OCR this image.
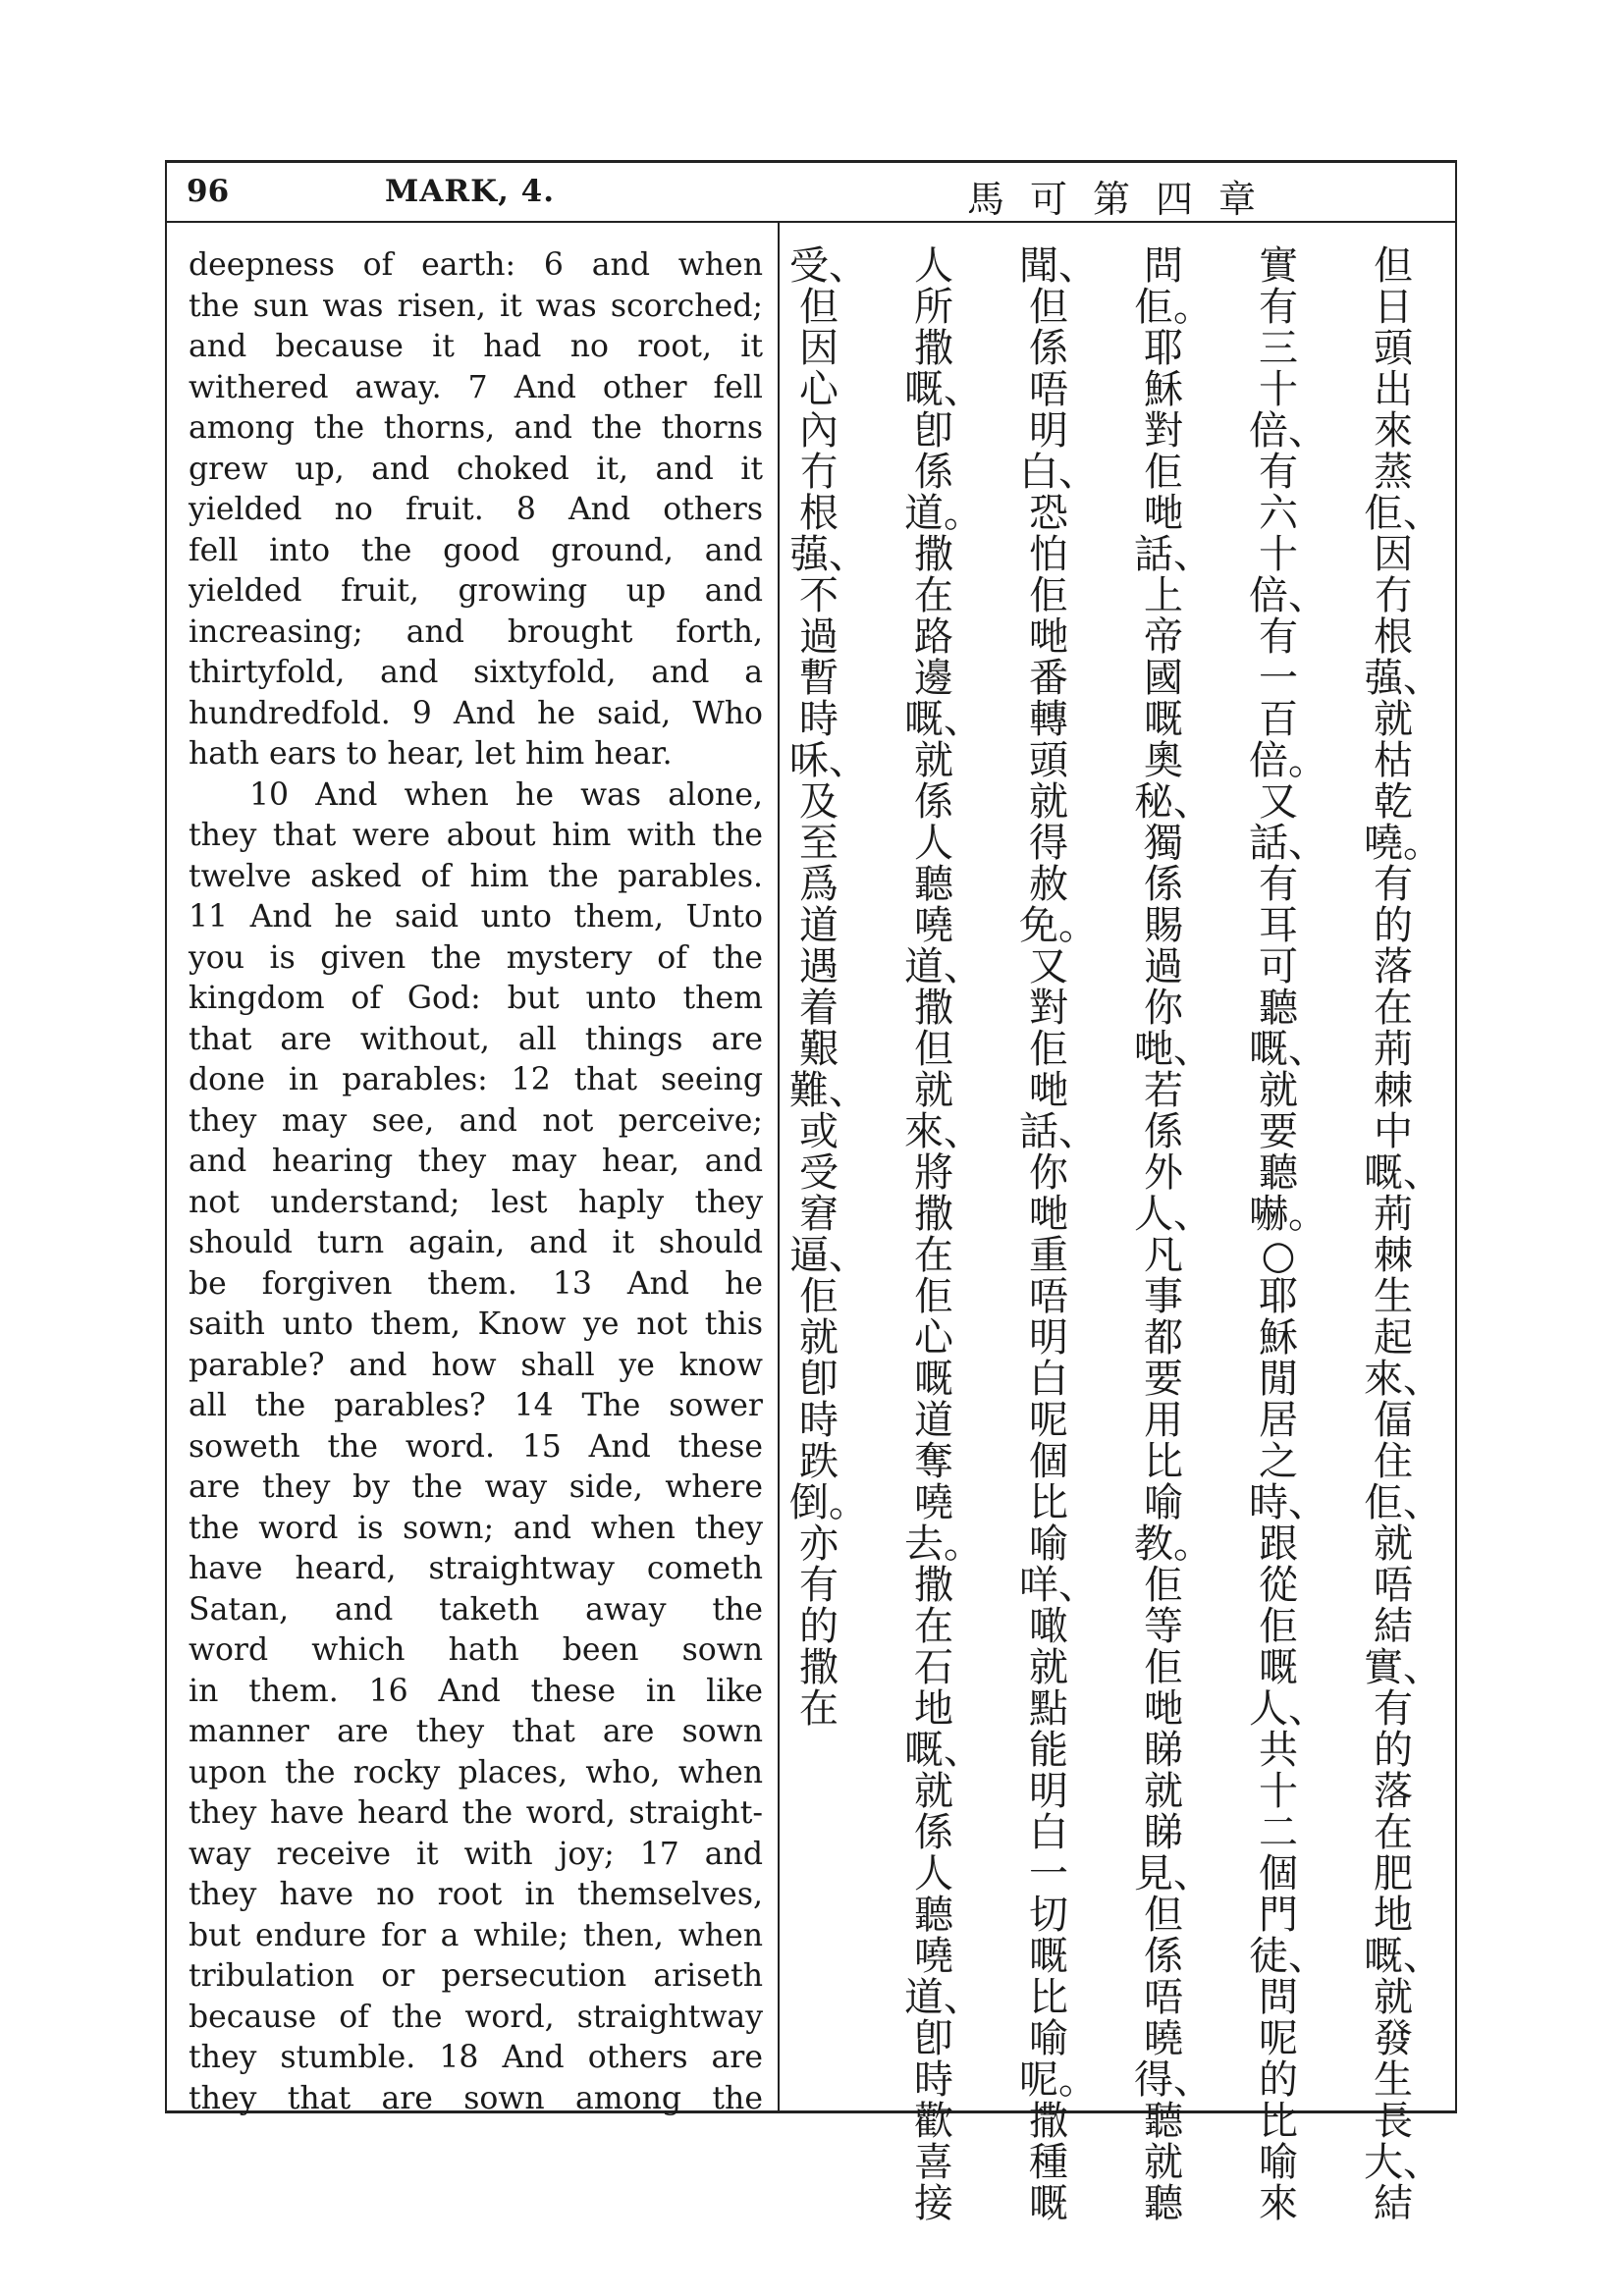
96	MARK, 4.	馬可第四章
deepness of earth: 6 and when
the sun was risen, it was scorched;
and because it had no root, it
withered away. 7 And other fell
among the thorns, and the thorns
grew up, and choked it, and it
yielded no fruit. 8 And others
fell into the good ground, and
yielded fruit, growing up and
increasing; and brought forth,
thirtyfold, and sixtyfold, and a
hundredfold. 9 And he said, Who
hath ears to hear, let him hear.
10 And when he was alone,
they that were about him with the
twelve asked of him the parables.
11 And he said unto them, Unto
you is given the mystery of the
kingdom of God: but unto them
that are without, all things are
done in parables: 12 that seeing
they may see, and not perceive;
and hearing they may hear, and
not understand; lest haply they
should turn again, and it should
be forgiven them. 13 And he
saith unto them, Know ye not this
parable? and how shall ye know
all the parables? 14 The sower
soweth the word. 15 And these
are they by the way side, where
the word is sown; and when they
have heard, straightway cometh
Satan, and taketh away the
word which hath been sown
in them. 16 And these in like
manner are they that are sown
upon the rocky places, who, when
they have heard the word, straight-
way receive it with joy; 17 and
they have no root in themselves,
but endure for a while; then, when
tribulation or persecution ariseth
because of the word, straightway
they stumble. 18 And others are
they that are sown among the
但日頭出來蒸佢、因冇根蔃、就枯乾嘵。有的落在荊棘中嘅、荊棘生起來、偪住佢、就唔結實、有的落在肥地嘅、就發生長大、結
實有三十倍、有六十倍、有一百倍。又話、有耳可聽嘅、就要聽嚇。○耶穌閒居之時、跟從佢嘅人、共十二個門徒、問呢的比喻來
問佢。耶穌對佢哋話、上帝國嘅奧秘、獨係賜過你哋、若係外人、凡事都要用比喻教。佢等佢哋睇就睇見、但係唔曉得、聽就聽
聞、但係唔明白、恐怕佢哋番轉頭就得赦免。又對佢哋話、你哋重唔明白呢個比喻咩、噉就點能明白一切嘅比喻呢。撒種嘅
人所撒嘅、卽係道。撒在路邊嘅、就係人聽嘵道、撒但就來、將撒在佢心嘅道奪嘵去。撒在石地嘅、就係人聽嘵道、卽時歡喜接
受、但因心內冇根蔃、不過暫時咊、及至爲道遇着艱難、或受窘逼、佢就卽時跌倒。亦有的撒在
